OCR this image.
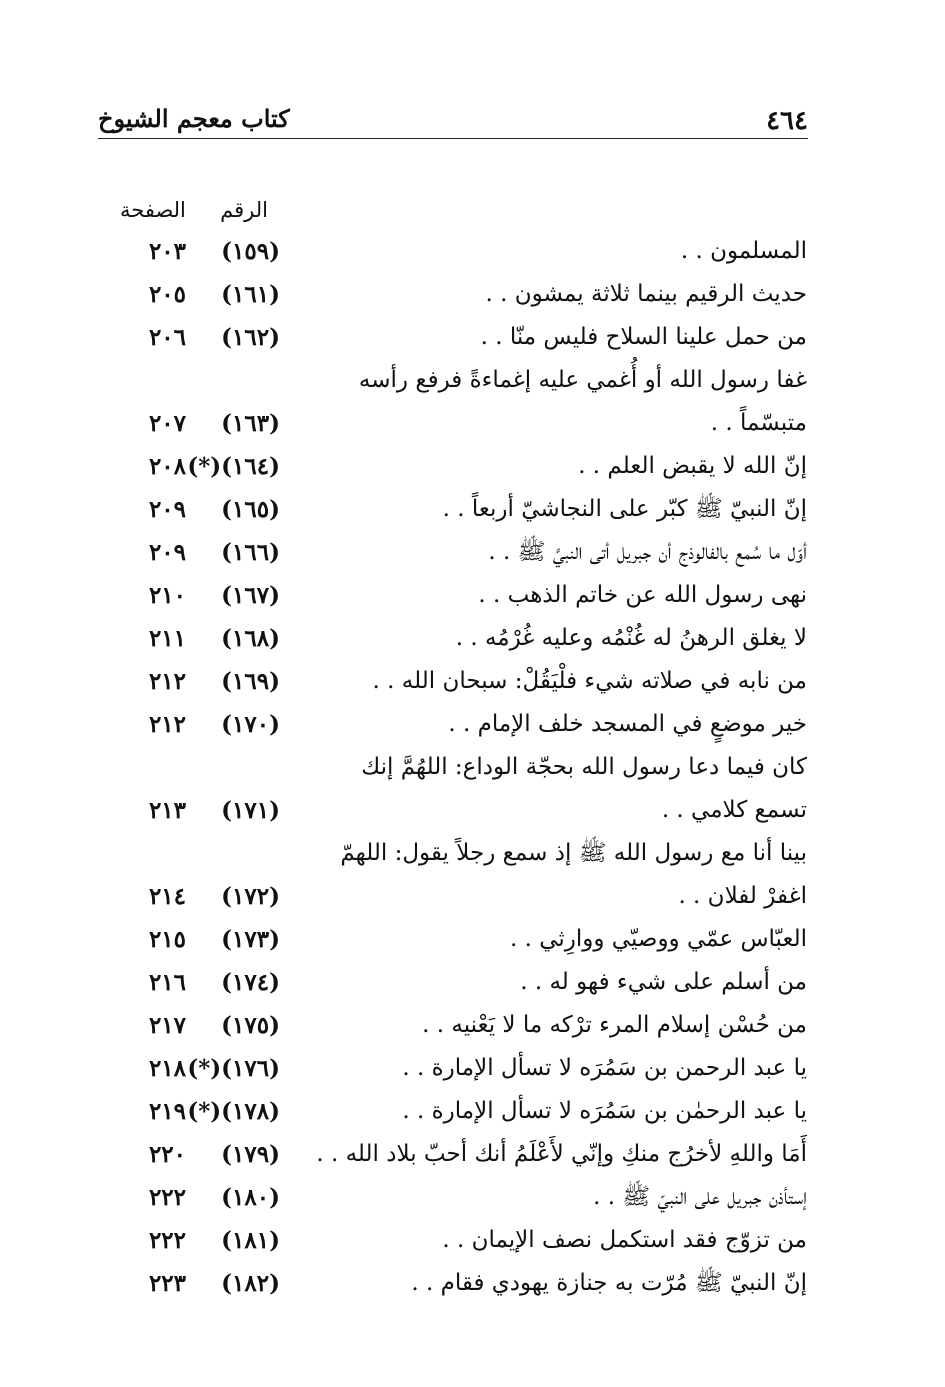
٤٦٤
كتاب معجم الشيوخ
الرقم
الصفحة
المسلمون . .
(١٥٩)
٢٠٣
حديث الرقيم بينما ثلاثة يمشون . .
(١٦١)
٢٠٥
من حمل علينا السلاح فليس منّا . .
(١٦٢)
٢٠٦
غفا رسول الله أو أُغمي عليه إغماءةً فرفع رأسه
متبسّماً . .
(١٦٣)
٢٠٧
إنّ الله لا يقبض العلم . .
(١٦٤)(*)
٢٠٨
إنّ النبيّ ﷺ كبّر على النجاشيّ أربعاً . .
(١٦٥)
٢٠٩
أوّل ما سُمع بالفالوذج أن جبريل أتى النبيَّ ﷺ . .
(١٦٦)
٢٠٩
نهى رسول الله عن خاتم الذهب . .
(١٦٧)
٢١٠
لا يغلق الرهنُ له غُنْمُه وعليه غُرْمُه . .
(١٦٨)
٢١١
من نابه في صلاته شيء فلْيَقُلْ: سبحان الله . .
(١٦٩)
٢١٢
خير موضعٍ في المسجد خلف الإمام . .
(١٧٠)
٢١٢
كان فيما دعا رسول الله بحجّة الوداع: اللهُمَّ إنك
تسمع كلامي . .
(١٧١)
٢١٣
بينا أنا مع رسول الله ﷺ إذ سمع رجلاً يقول: اللهمّ
اغفرْ لفلان . .
(١٧٢)
٢١٤
العبّاس عمّي ووصيّي ووارِثي . .
(١٧٣)
٢١٥
من أسلم على شيء فهو له . .
(١٧٤)
٢١٦
من حُسْن إسلام المرء ترْكه ما لا يَعْنيه . .
(١٧٥)
٢١٧
يا عبد الرحمن بن سَمُرَه لا تسأل الإمارة . .
(١٧٦)(*)
٢١٨
يا عبد الرحمٰن بن سَمُرَه لا تسأل الإمارة . .
(١٧٨)(*)
٢١٩
أَمَا واللهِ لأخرُج منكِ وإنّي لأَعْلَمُ أنك أحبّ بلاد الله . .
(١٧٩)
٢٢٠
إستأذن جبريل على النبيّ ﷺ . .
(١٨٠)
٢٢٢
من تزوّج فقد استكمل نصف الإيمان . .
(١٨١)
٢٢٢
إنّ النبيّ ﷺ مُرّت به جنازة يهودي فقام . .
(١٨٢)
٢٢٣
